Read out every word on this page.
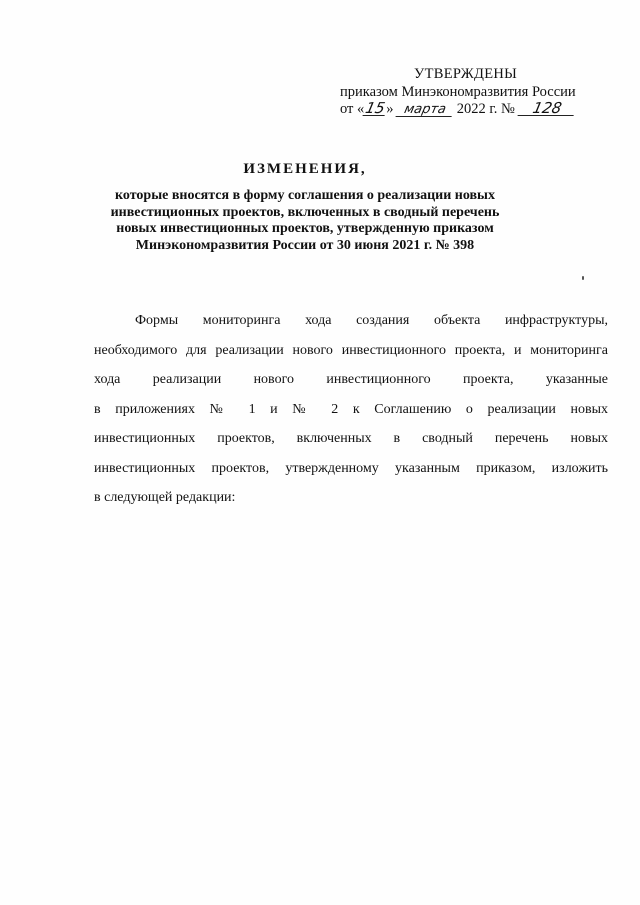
УТВЕРЖДЕНЫ
приказом Минэкономразвития России
от «15» марта 2022 г. № 128
ИЗМЕНЕНИЯ,
которые вносятся в форму соглашения о реализации новых
инвестиционных проектов, включенных в сводный перечень
новых инвестиционных проектов, утвержденную приказом
Минэкономразвития России от 30 июня 2021 г. № 398
Формы мониторинга хода создания объекта инфраструктуры,
необходимого для реализации нового инвестиционного проекта, и мониторинга
хода реализации нового инвестиционного проекта, указанные
в приложениях № 1 и № 2 к Соглашению о реализации новых
инвестиционных проектов, включенных в сводный перечень новых
инвестиционных проектов, утвержденному указанным приказом, изложить
в следующей редакции:
